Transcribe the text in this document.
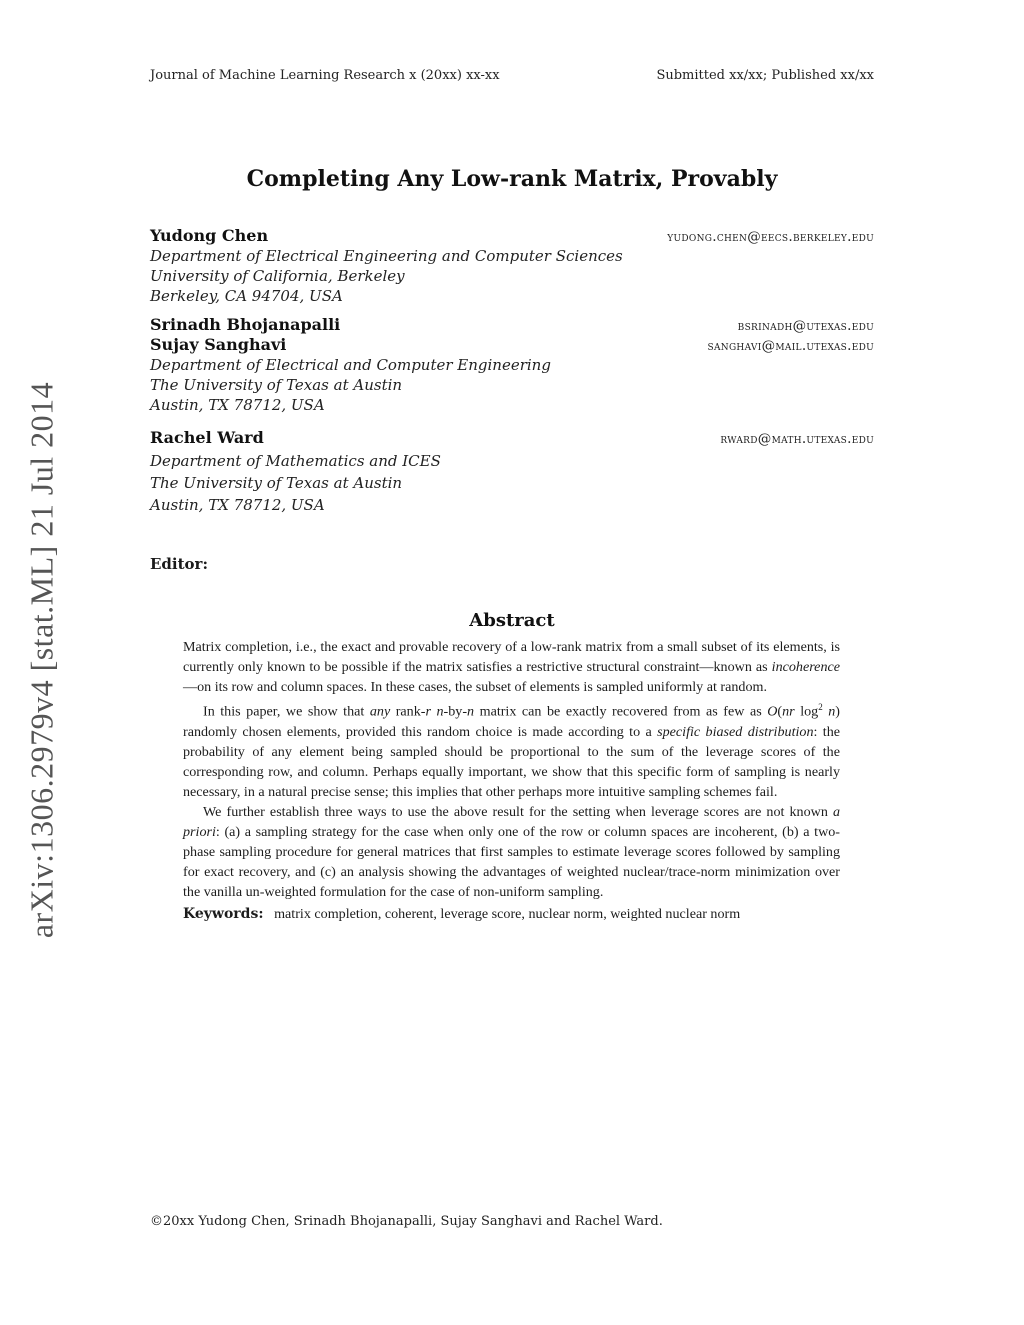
Journal of Machine Learning Research x (20xx) xx-xx	Submitted xx/xx; Published xx/xx
arXiv:1306.2979v4 [stat.ML] 21 Jul 2014
Completing Any Low-rank Matrix, Provably
Yudong Chen	yudong.chen@eecs.berkeley.edu
Department of Electrical Engineering and Computer Sciences
University of California, Berkeley
Berkeley, CA 94704, USA
Srinadh Bhojanapalli	bsrinadh@utexas.edu
Sujay Sanghavi	sanghavi@mail.utexas.edu
Department of Electrical and Computer Engineering
The University of Texas at Austin
Austin, TX 78712, USA
Rachel Ward	rward@math.utexas.edu
Department of Mathematics and ICES
The University of Texas at Austin
Austin, TX 78712, USA
Editor:
Abstract

Matrix completion, i.e., the exact and provable recovery of a low-rank matrix from a small subset of its elements, is currently only known to be possible if the matrix satisfies a restrictive structural constraint—known as incoherence—on its row and column spaces. In these cases, the subset of elements is sampled uniformly at random.

In this paper, we show that any rank-r n-by-n matrix can be exactly recovered from as few as O(nr $\log^2 n$) randomly chosen elements, provided this random choice is made according to a specific biased distribution: the probability of any element being sampled should be proportional to the sum of the leverage scores of the corresponding row, and column. Perhaps equally important, we show that this specific form of sampling is nearly necessary, in a natural precise sense; this implies that other perhaps more intuitive sampling schemes fail.

We further establish three ways to use the above result for the setting when leverage scores are not known a priori: (a) a sampling strategy for the case when only one of the row or column spaces are incoherent, (b) a two-phase sampling procedure for general matrices that first samples to estimate leverage scores followed by sampling for exact recovery, and (c) an analysis showing the advantages of weighted nuclear/trace-norm minimization over the vanilla un-weighted formulation for the case of non-uniform sampling.

Keywords: matrix completion, coherent, leverage score, nuclear norm, weighted nuclear norm

©20xx Yudong Chen, Srinadh Bhojanapalli, Sujay Sanghavi and Rachel Ward.
